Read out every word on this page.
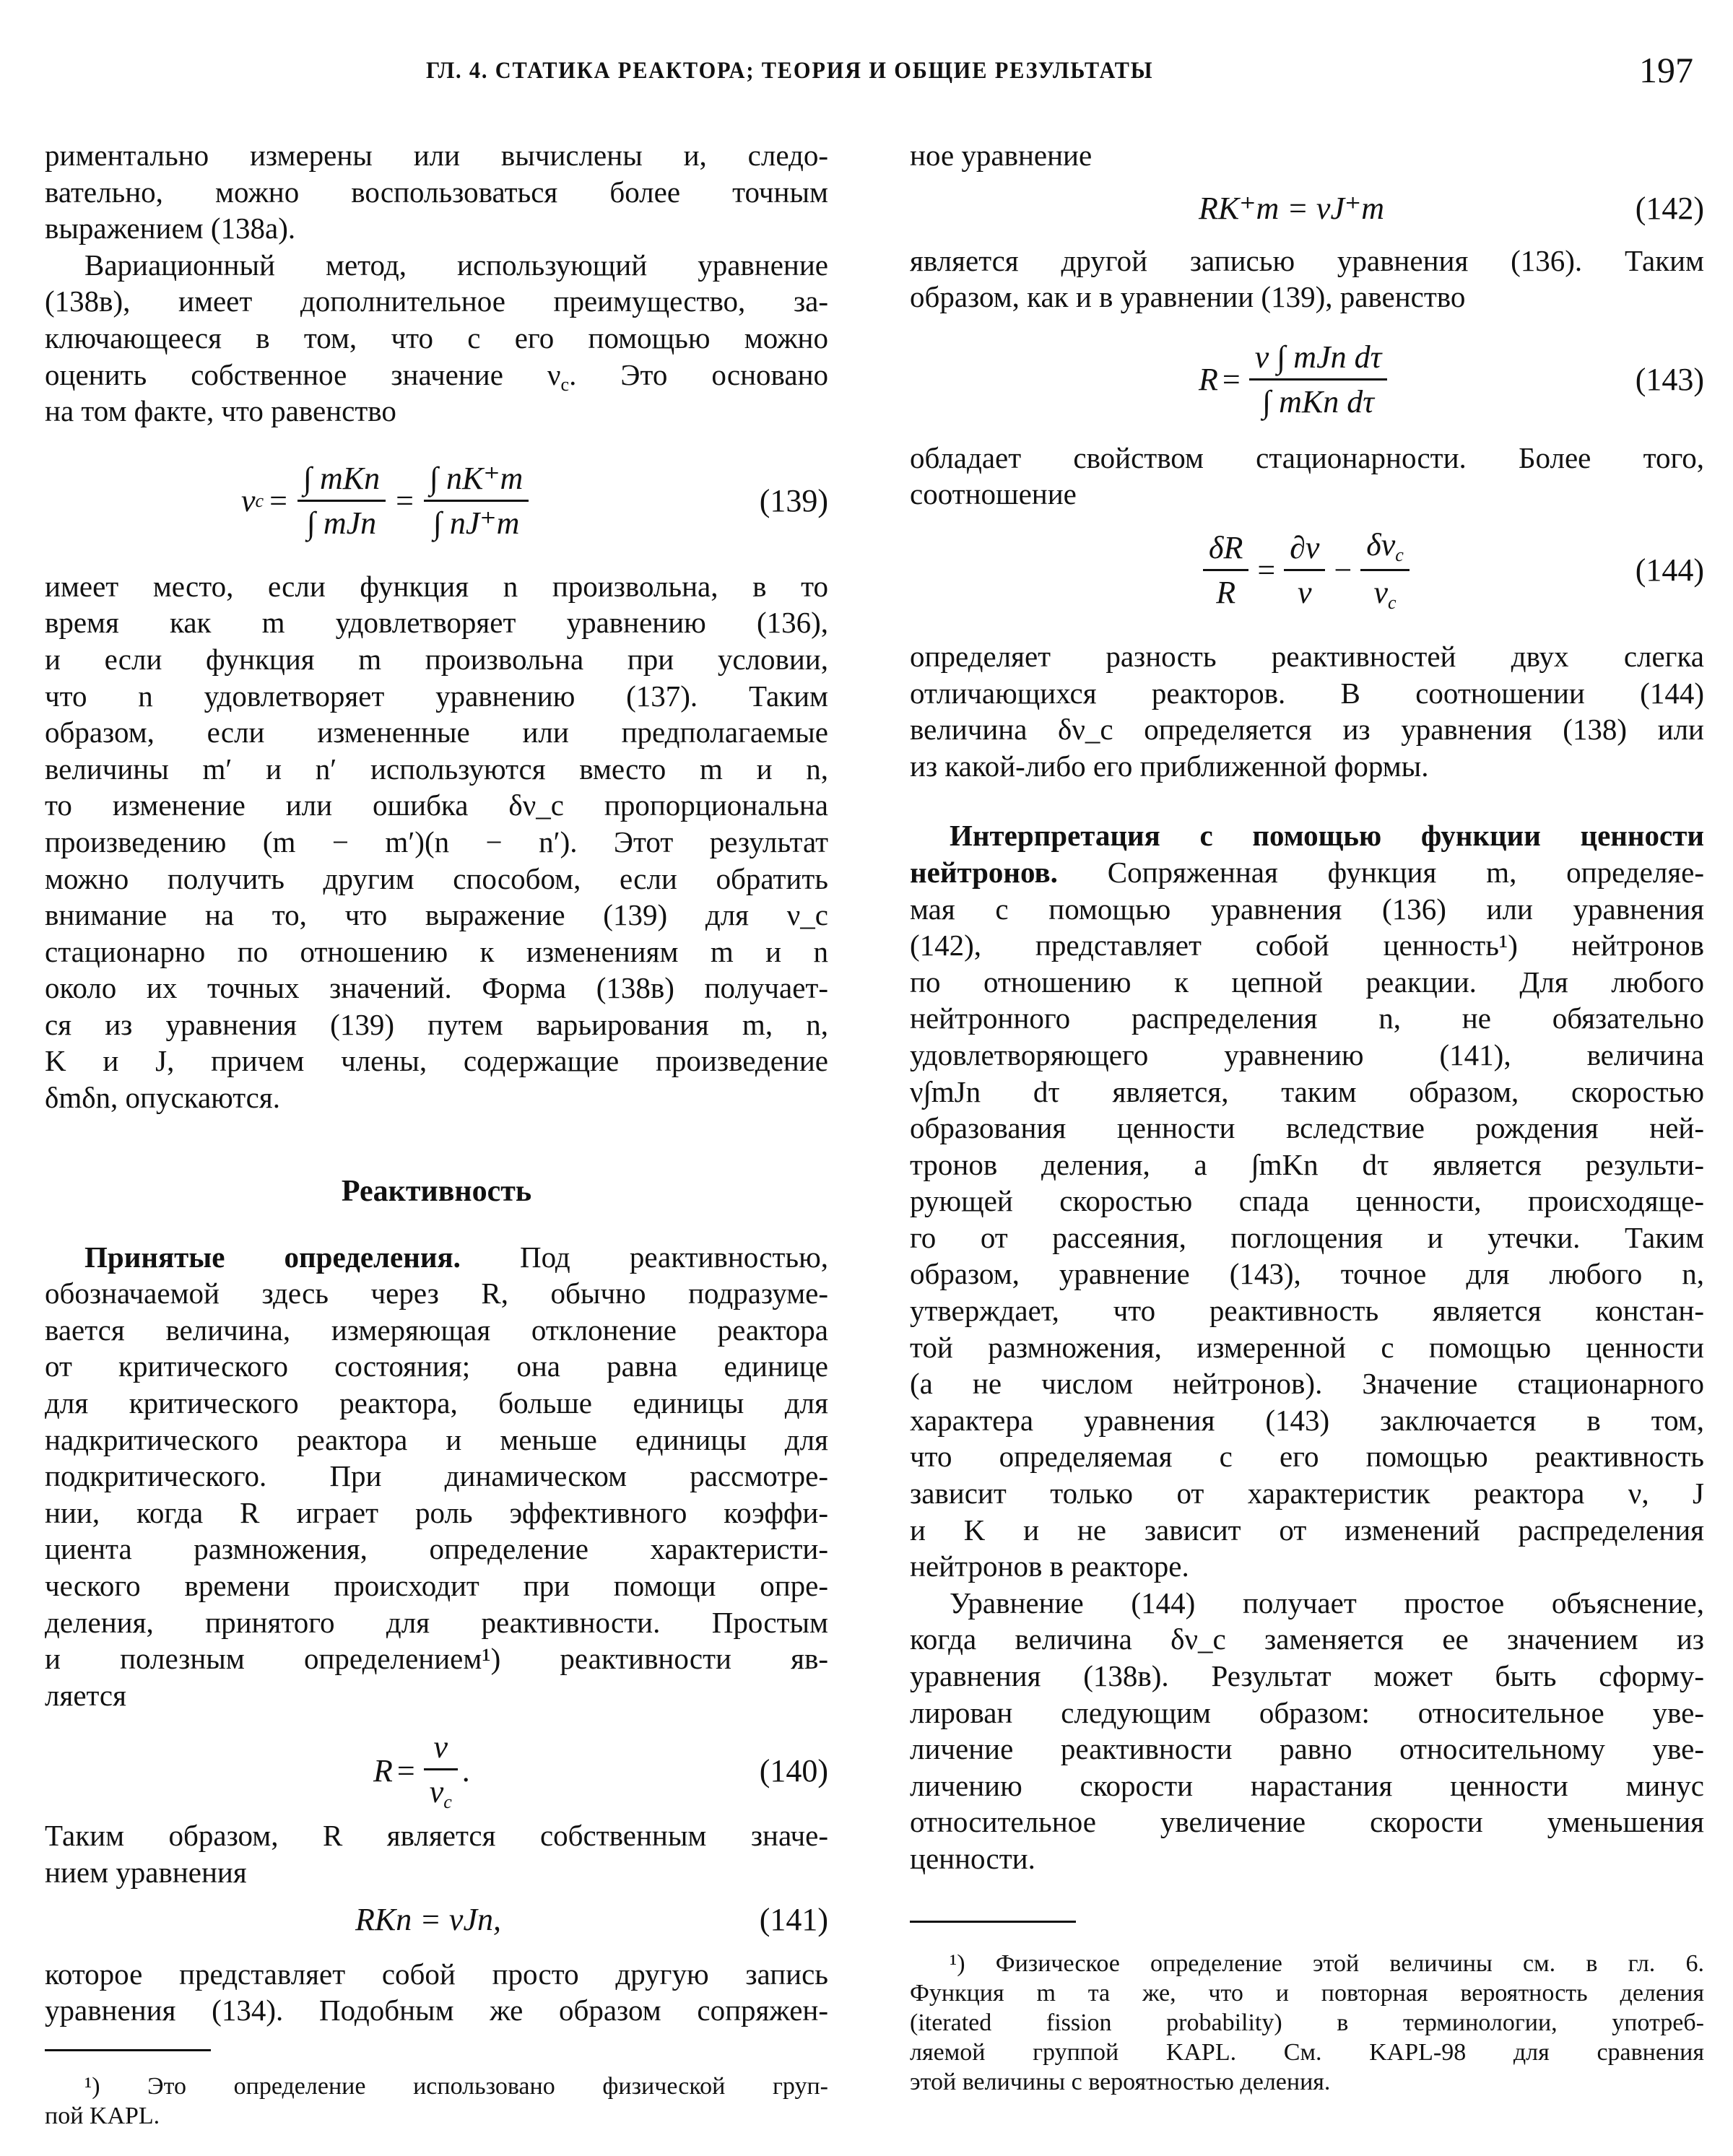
ГЛ. 4. СТАТИКА РЕАКТОРА; ТЕОРИЯ И ОБЩИЕ РЕЗУЛЬТАТЫ	197
риментально измерены или вычислены и, следо-
вательно, можно воспользоваться более точным
выражением (138а).
Вариационный метод, использующий уравнение
(138в), имеет дополнительное преимущество, за-
ключающееся в том, что с его помощью можно
оценить собственное значение $\nu_c$. Это основано
на том факте, что равенство
ν $c = \frac{\text{∫ mKn}}{\text{∫ mJn}} = \frac{\int nK^+m}{\int nJ^+m}$	(139)
имеет место, если функция n произвольна, в то
время как m удовлетворяет уравнению (136),
и если функция m произвольна при условии,
что n удовлетворяет уравнению (137). Таким
образом, если измененные или предполагаемые
величины m′ и n′ используются вместо m и n,
то изменение или ошибка δν_c пропорциональна
произведению (m − m′)(n − n′). Этот результат
можно получить другим способом, если обратить
внимание на то, что выражение (139) для ν_c
стационарно по отношению к изменениям m и n
около их точных значений. Форма (138в) получает-
ся из уравнения (139) путем варьирования m, n,
K и J, причем члены, содержащие произведение
δmδn, опускаются.
Реактивность
Принятые определения. Под реактивностью,
обозначаемой здесь через R, обычно подразуме-
вается величина, измеряющая отклонение реактора
от критического состояния; она равна единице
для критического реактора, больше единицы для
надкритического реактора и меньше единицы для
подкритического. При динамическом рассмотре-
нии, когда R играет роль эффективного коэффи-
циента размножения, определение характеристи-
ческого времени происходит при помощи опре-
деления, принятого для реактивности. Простым
и полезным определением¹) реактивности яв-
ляется
$R = \frac{\nu}{\nu_c}$ .	(140)
Таким образом, R является собственным значе-
нием уравнения
RKn = νJn,	(141)
которое представляет собой просто другую запись
уравнения (134). Подобным же образом сопряжен-
¹) Это определение использовано физической груп-
пой KAPL.
ное уравнение
RK⁺m = νJ⁺m	(142)
является другой записью уравнения (136). Таким
образом, как и в уравнении (139), равенство
$R = \frac{\text{ν ∫ mJn dτ}}{\text{∫ mKn dτ}}$	(143)
обладает свойством стационарности. Более того,
соотношение
$\frac{\delta R}{R} = \frac{\partial\nu}{\nu} - \frac{\delta\nu_c}{\nu_c}$	(144)
определяет разность реактивностей двух слегка
отличающихся реакторов. В соотношении (144)
величина δν_c определяется из уравнения (138) или
из какой-либо его приближенной формы.
Интерпретация с помощью функции ценности
нейтронов. Сопряженная функция m, определяе-
мая с помощью уравнения (136) или уравнения
(142), представляет собой ценность¹) нейтронов
по отношению к цепной реакции. Для любого
нейтронного распределения n, не обязательно
удовлетворяющего уравнению (141), величина
ν∫mJn dτ является, таким образом, скоростью
образования ценности вследствие рождения ней-
тронов деления, а ∫mKn dτ является результи-
рующей скоростью спада ценности, происходяще-
го от рассеяния, поглощения и утечки. Таким
образом, уравнение (143), точное для любого n,
утверждает, что реактивность является констан-
той размножения, измеренной с помощью ценности
(а не числом нейтронов). Значение стационарного
характера уравнения (143) заключается в том,
что определяемая с его помощью реактивность
зависит только от характеристик реактора ν, J
и K и не зависит от изменений распределения
нейтронов в реакторе.
Уравнение (144) получает простое объяснение,
когда величина δν_c заменяется ее значением из
уравнения (138в). Результат может быть сформу-
лирован следующим образом: относительное уве-
личение реактивности равно относительному уве-
личению скорости нарастания ценности минус
относительное увеличение скорости уменьшения
ценности.
¹) Физическое определение этой величины см. в гл. 6.
Функция m та же, что и повторная вероятность деления
(iterated fission probability) в терминологии, употреб-
ляемой группой KAPL. См. KAPL-98 для сравнения
этой величины с вероятностью деления.
